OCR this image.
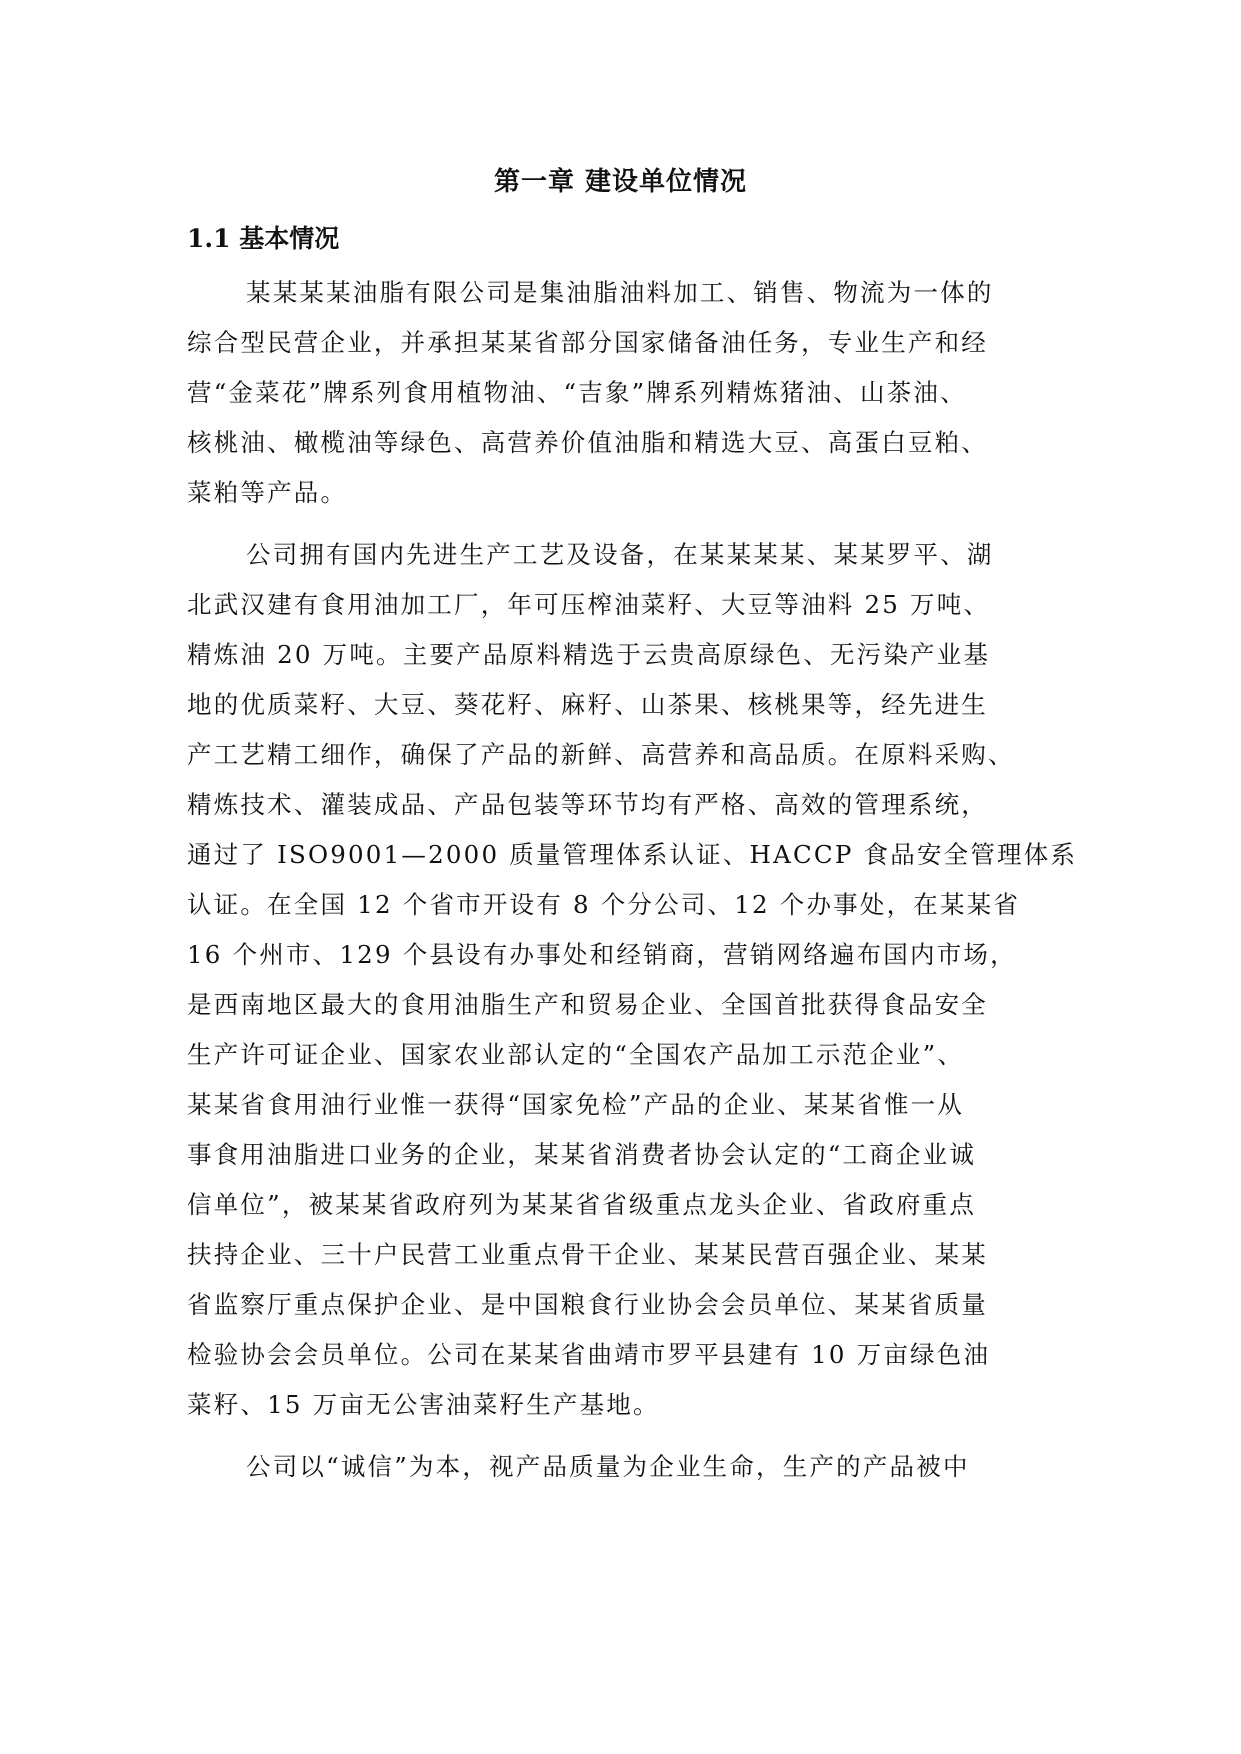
第一章 建设单位情况
1.1 基本情况
某某某某油脂有限公司是集油脂油料加工、销售、物流为一体的
综合型民营企业，并承担某某省部分国家储备油任务，专业生产和经
营“金菜花”牌系列食用植物油、“吉象”牌系列精炼猪油、山茶油、
核桃油、橄榄油等绿色、高营养价值油脂和精选大豆、高蛋白豆粕、
菜粕等产品。
公司拥有国内先进生产工艺及设备，在某某某某、某某罗平、湖
北武汉建有食用油加工厂，年可压榨油菜籽、大豆等油料 25 万吨、
精炼油 20 万吨。主要产品原料精选于云贵高原绿色、无污染产业基
地的优质菜籽、大豆、葵花籽、麻籽、山茶果、核桃果等，经先进生
产工艺精工细作，确保了产品的新鲜、高营养和高品质。在原料采购、
精炼技术、灌装成品、产品包装等环节均有严格、高效的管理系统，
通过了 ISO9001—2000 质量管理体系认证、HACCP 食品安全管理体系
认证。在全国 12 个省市开设有 8 个分公司、12 个办事处，在某某省
16 个州市、129 个县设有办事处和经销商，营销网络遍布国内市场，
是西南地区最大的食用油脂生产和贸易企业、全国首批获得食品安全
生产许可证企业、国家农业部认定的“全国农产品加工示范企业”、
某某省食用油行业惟一获得“国家免检”产品的企业、某某省惟一从
事食用油脂进口业务的企业，某某省消费者协会认定的“工商企业诚
信单位”，被某某省政府列为某某省省级重点龙头企业、省政府重点
扶持企业、三十户民营工业重点骨干企业、某某民营百强企业、某某
省监察厅重点保护企业、是中国粮食行业协会会员单位、某某省质量
检验协会会员单位。公司在某某省曲靖市罗平县建有 10 万亩绿色油
菜籽、15 万亩无公害油菜籽生产基地。
公司以“诚信”为本，视产品质量为企业生命，生产的产品被中
